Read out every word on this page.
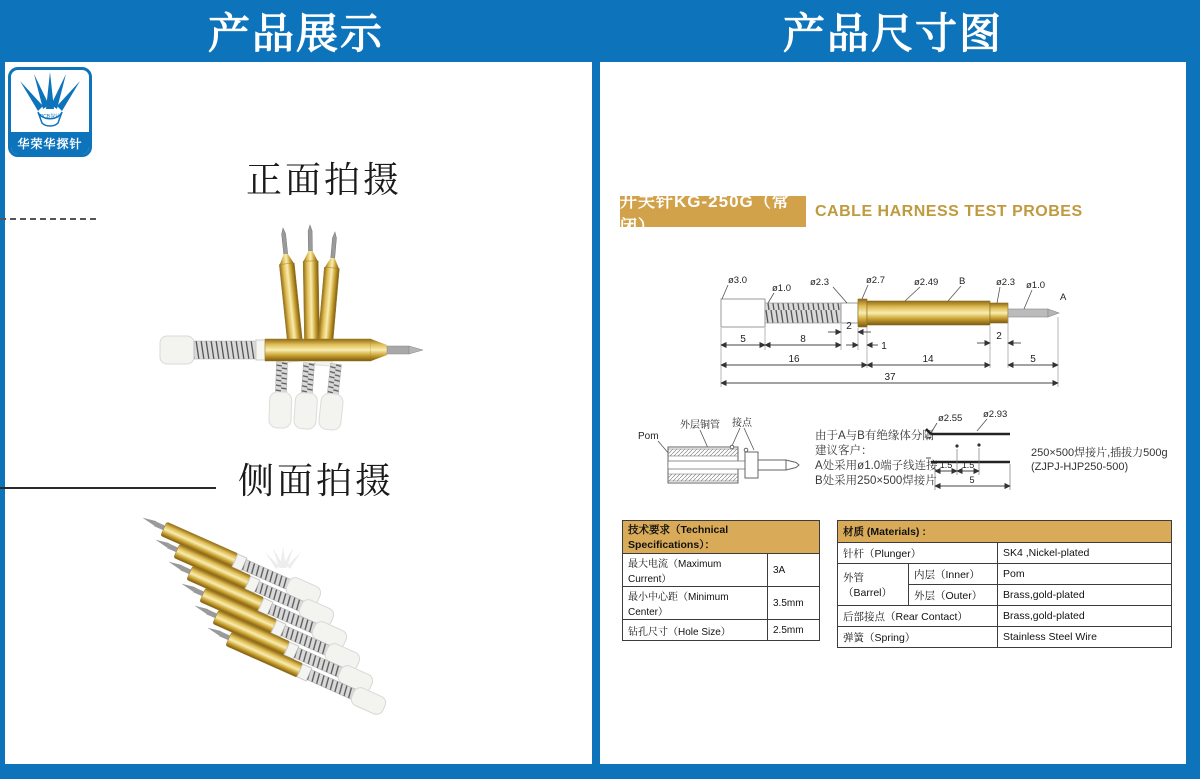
产品展示	产品尺寸图
PCB探针
华荣华探针
正面拍摄
侧面拍摄
开关针KG-250G（常闭）
CABLE HARNESS TEST PROBES
ø3.0
ø1.0
ø2.3	ø2.7	ø2.49 B	ø2.3 ø1.0
A
2
5	8
1
2
16	14	5
37
Pom
外层铜管 接点
由于A与B有绝缘体分隔
建议客户：
A处采用ø1.0端子线连接
B处采用250×500焊接片
ø2.55 ø2.93
1.5 1.5
5
250×500焊接片,插拔力500g
(ZJPJ-HJP250-500)
技术要求（Technical Specifications）：	
最大电流（Maximum Current）	3A
最小中心距（Minimum Center）	3.5mm
钻孔尺寸（Hole Size）	2.5mm
材质 (Materials) :		
针杆（Plunger）		SK4 ,Nickel-plated
外管（Barrel）	内层（Inner）	Pom
	外层（Outer）	Brass,gold-plated
后部接点（Rear Contact）		Brass,gold-plated
弹簧（Spring）		Stainless Steel Wire
